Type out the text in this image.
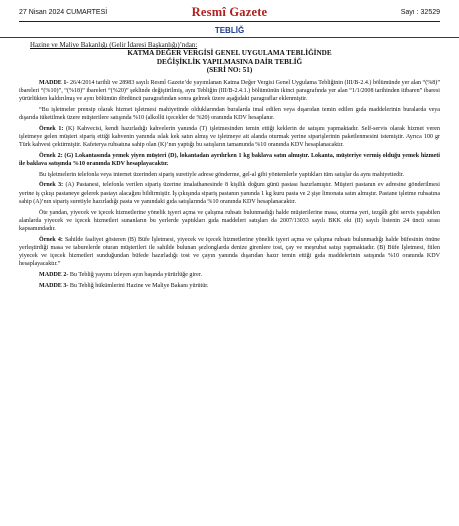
27 Nisan 2024 CUMARTESİ	Resmî Gazete	Sayı : 32529
TEBLİĞ
Hazine ve Maliye Bakanlığı (Gelir İdaresi Başkanlığı)’ndan:
KATMA DEĞER VERGİSİ GENEL UYGULAMA TEBLİĞİNDE
DEĞİŞİKLİK YAPILMASINA DAİR TEBLİĞ
(SERİ NO: 51)

MADDE 1- 26/4/2014 tarihli ve 28983 sayılı Resmî Gazete’de yayımlanan Katma Değer Vergisi Genel Uygulama Tebliğinin (III/B-2.4.) bölümünde yer alan “(%8)” ibareleri “(%10)”, “(%18)” ibareleri “(%20)” şeklinde değiştirilmiş, aynı Tebliğin (III/B-2.4.1.) bölümünün ikinci paragrafında yer alan “1/1/2008 tarihinden itibaren” ibaresi yürürlükten kaldırılmış ve aynı bölümün dördüncü paragrafından sonra gelmek üzere aşağıdaki paragraflar eklenmiştir.

“Bu işletmeler prensip olarak hizmet işletmesi mahiyetinde olduklarından buralarda imal edilen veya dışarıdan temin edilen gıda maddelerinin buralarda veya dışarıda tüketilmek üzere müşterilere satışında %10 (alkollü içecekler de %20) oranında KDV hesaplanır.

Örnek 1: (K) Kahvecisi, kendi hazırladığı kahvelerin yanında (T) işletmesinden temin ettiği keklerin de satışını yapmaktadır. Self-servis olarak hizmet veren işletmeye gelen müşteri sipariş ettiği kahvenin yanında ıslak kek satın almış ve işletmeye ait alanda oturmak yerine siparişlerinin paketlenmesini istemiştir. Ayrıca 100 gr Türk kahvesi çektirmiştir. Kafeterya ruhsatına sahip olan (K)’nın yaptığı bu satışların tamamında %10 oranında KDV hesaplanacaktır.

Örnek 2: (G) Lokantasında yemek yiyen müşteri (D), lokantadan ayrılırken 1 kg baklava satın almıştır. Lokanta, müşteriye vermiş olduğu yemek hizmeti ile baklava satışında %10 oranında KDV hesaplayacaktır.

Bu işletmelerin telefonla veya internet üzerinden sipariş suretiyle adrese gönderme, gel-al gibi yöntemlerle yaptıkları tüm satışlar da aynı mahiyettedir.

Örnek 3: (A) Pastanesi, telefonla verilen sipariş üzerine imalathanesinde 8 kişilik doğum günü pastası hazırlamıştır. Müşteri pastanın ev adresine gönderilmesi yerine iş çıkışı pastaneye gelerek pastayı alacağını bildirmiştir. İş çıkışında sipariş pastanın yanında 1 kg kuru pasta ve 2 şişe limonata satın almıştır. Pastane işletme ruhsatına sahip (A)’nın sipariş suretiyle hazırladığı pasta ve yanındaki gıda satışlarında %10 oranında KDV hesaplanacaktır.

Öte yandan, yiyecek ve içecek hizmetlerine yönelik işyeri açma ve çalışma ruhsatı bulunmadığı halde müşterilerine masa, oturma yeri, tezgâh gibi servis yapabilen alanlarda yiyecek ve içecek hizmetleri sunanların bu yerlerde yaptıkları gıda maddeleri satışları da 2007/13033 sayılı BKK eki (II) sayılı listenin 24 üncü sırası kapsamındadır.

Örnek 4: Sahilde faaliyet gösteren (B) Büfe İşletmesi, yiyecek ve içecek hizmetlerine yönelik işyeri açma ve çalışma ruhsatı bulunmadığı halde büfesinin önüne yerleştirdiği masa ve taburelerde oturan müşterileri ile sahilde bulunan şezlonglarda denize girenlere tost, çay ve meşrubat satışı yapmaktadır. (B) Büfe İşletmesi, fiilen yiyecek ve içecek hizmetleri sunduğundan büfede hazırladığı tost ve çayın yanında dışarıdan hazır temin ettiği gıda maddelerinin satışında %10 oranında KDV hesaplayacaktır.”

MADDE 2- Bu Tebliğ yayımı izleyen ayın başında yürürlüğe girer.

MADDE 3- Bu Tebliğ hükümlerini Hazine ve Maliye Bakanı yürütür.
